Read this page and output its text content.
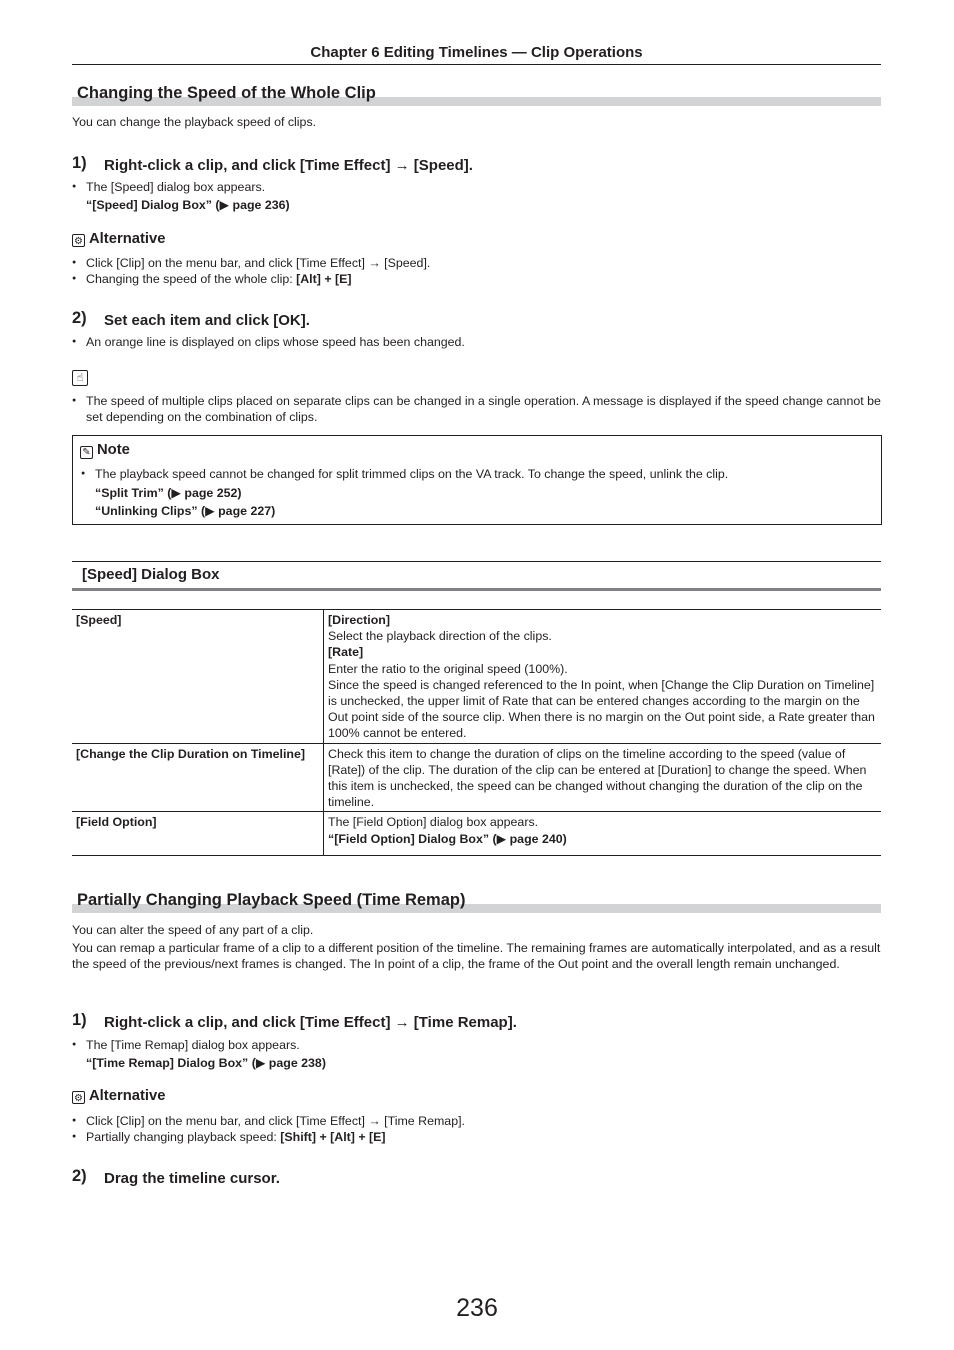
Chapter 6 Editing Timelines — Clip Operations
Changing the Speed of the Whole Clip
You can change the playback speed of clips.
1) Right-click a clip, and click [Time Effect] → [Speed].
● The [Speed] dialog box appears.
“[Speed] Dialog Box” (▶ page 236)
⚙ Alternative
● Click [Clip] on the menu bar, and click [Time Effect] → [Speed].
● Changing the speed of the whole clip: [Alt] + [E]
2) Set each item and click [OK].
● An orange line is displayed on clips whose speed has been changed.
☝
● The speed of multiple clips placed on separate clips can be changed in a single operation. A message is displayed if the speed change cannot be set depending on the combination of clips.
✎ Note
● The playback speed cannot be changed for split trimmed clips on the VA track. To change the speed, unlink the clip.
“Split Trim” (▶ page 252)
“Unlinking Clips” (▶ page 227)
[Speed] Dialog Box
[Speed]	[Direction]
Select the playback direction of the clips.
[Rate]
Enter the ratio to the original speed (100%).
Since the speed is changed referenced to the In point, when [Change the Clip Duration on Timeline] is unchecked, the upper limit of Rate that can be entered changes according to the margin on the Out point side of the source clip. When there is no margin on the Out point side, a Rate greater than 100% cannot be entered.

[Change the Clip Duration on Timeline]	Check this item to change the duration of clips on the timeline according to the speed (value of [Rate]) of the clip. The duration of the clip can be entered at [Duration] to change the speed. When this item is unchecked, the speed can be changed without changing the duration of the clip on the timeline.
[Field Option]	The [Field Option] dialog box appears.
“[Field Option] Dialog Box” (▶ page 240)
Partially Changing Playback Speed (Time Remap)
You can alter the speed of any part of a clip.
You can remap a particular frame of a clip to a different position of the timeline. The remaining frames are automatically interpolated, and as a result the speed of the previous/next frames is changed. The In point of a clip, the frame of the Out point and the overall length remain unchanged.
1) Right-click a clip, and click [Time Effect] → [Time Remap].
● The [Time Remap] dialog box appears.
“[Time Remap] Dialog Box” (▶ page 238)
⚙ Alternative
● Click [Clip] on the menu bar, and click [Time Effect] → [Time Remap].
● Partially changing playback speed: [Shift] + [Alt] + [E]
2) Drag the timeline cursor.
236
